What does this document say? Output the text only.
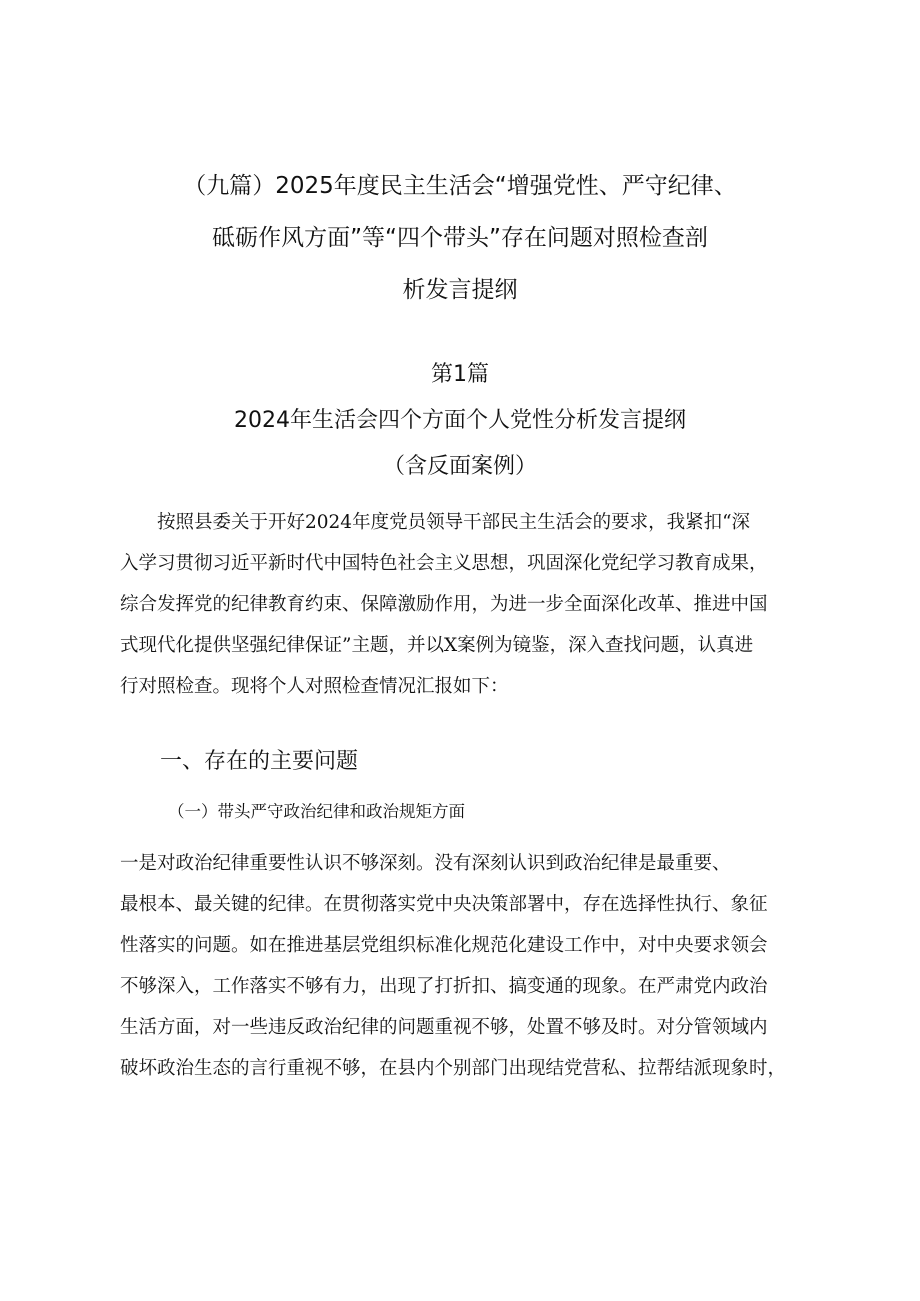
（九篇）2025年度民主生活会“增强党性、严守纪律、
砥砺作风方面”等“四个带头”存在问题对照检查剖
析发言提纲
第1篇
2024年生活会四个方面个人党性分析发言提纲
（含反面案例）
　　按照县委关于开好2024年度党员领导干部民主生活会的要求，我紧扣“深
入学习贯彻习近平新时代中国特色社会主义思想，巩固深化党纪学习教育成果，
综合发挥党的纪律教育约束、保障激励作用，为进一步全面深化改革、推进中国
式现代化提供坚强纪律保证”主题，并以X案例为镜鉴，深入查找问题，认真进
行对照检查。现将个人对照检查情况汇报如下：
一、存在的主要问题
（一）带头严守政治纪律和政治规矩方面
一是对政治纪律重要性认识不够深刻。没有深刻认识到政治纪律是最重要、
最根本、最关键的纪律。在贯彻落实党中央决策部署中，存在选择性执行、象征
性落实的问题。如在推进基层党组织标准化规范化建设工作中，对中央要求领会
不够深入，工作落实不够有力，出现了打折扣、搞变通的现象。在严肃党内政治
生活方面，对一些违反政治纪律的问题重视不够，处置不够及时。对分管领域内
破坏政治生态的言行重视不够，在县内个别部门出现结党营私、拉帮结派现象时，
